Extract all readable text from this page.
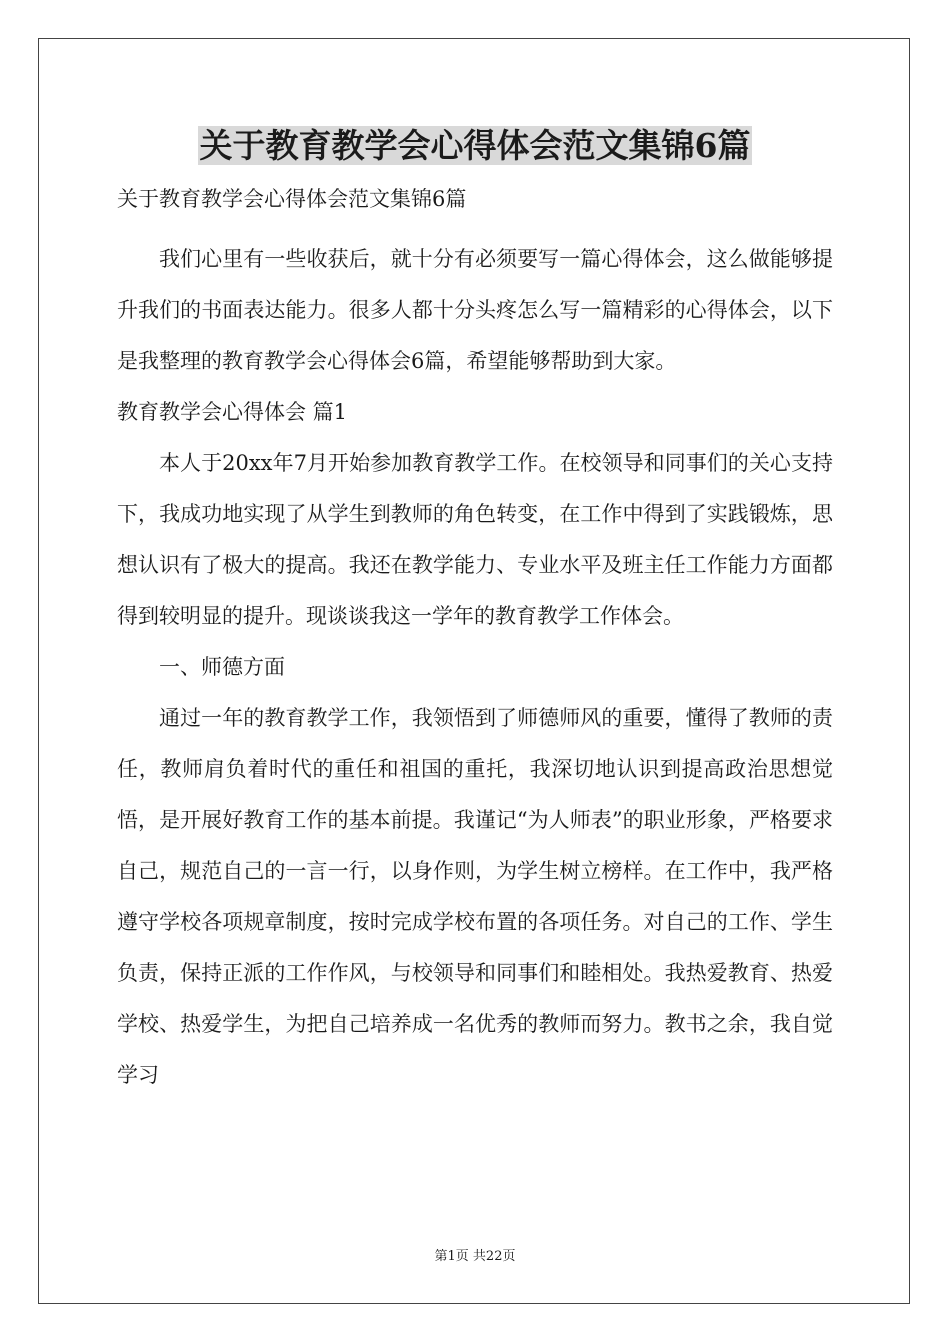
关于教育教学会心得体会范文集锦6篇
关于教育教学会心得体会范文集锦6篇

我们心里有一些收获后，就十分有必须要写一篇心得体会，这么做能够提升我们的书面表达能力。很多人都十分头疼怎么写一篇精彩的心得体会，以下是我整理的教育教学会心得体会6篇，希望能够帮助到大家。

教育教学会心得体会 篇1

本人于20xx年7月开始参加教育教学工作。在校领导和同事们的关心支持下，我成功地实现了从学生到教师的角色转变，在工作中得到了实践锻炼，思想认识有了极大的提高。我还在教学能力、专业水平及班主任工作能力方面都得到较明显的提升。现谈谈我这一学年的教育教学工作体会。

一、师德方面

通过一年的教育教学工作，我领悟到了师德师风的重要，懂得了教师的责任，教师肩负着时代的重任和祖国的重托，我深切地认识到提高政治思想觉悟，是开展好教育工作的基本前提。我谨记“为人师表”的职业形象，严格要求自己，规范自己的一言一行，以身作则，为学生树立榜样。在工作中，我严格遵守学校各项规章制度，按时完成学校布置的各项任务。对自己的工作、学生负责，保持正派的工作作风，与校领导和同事们和睦相处。我热爱教育、热爱学校、热爱学生，为把自己培养成一名优秀的教师而努力。教书之余，我自觉学习

第1页 共22页
